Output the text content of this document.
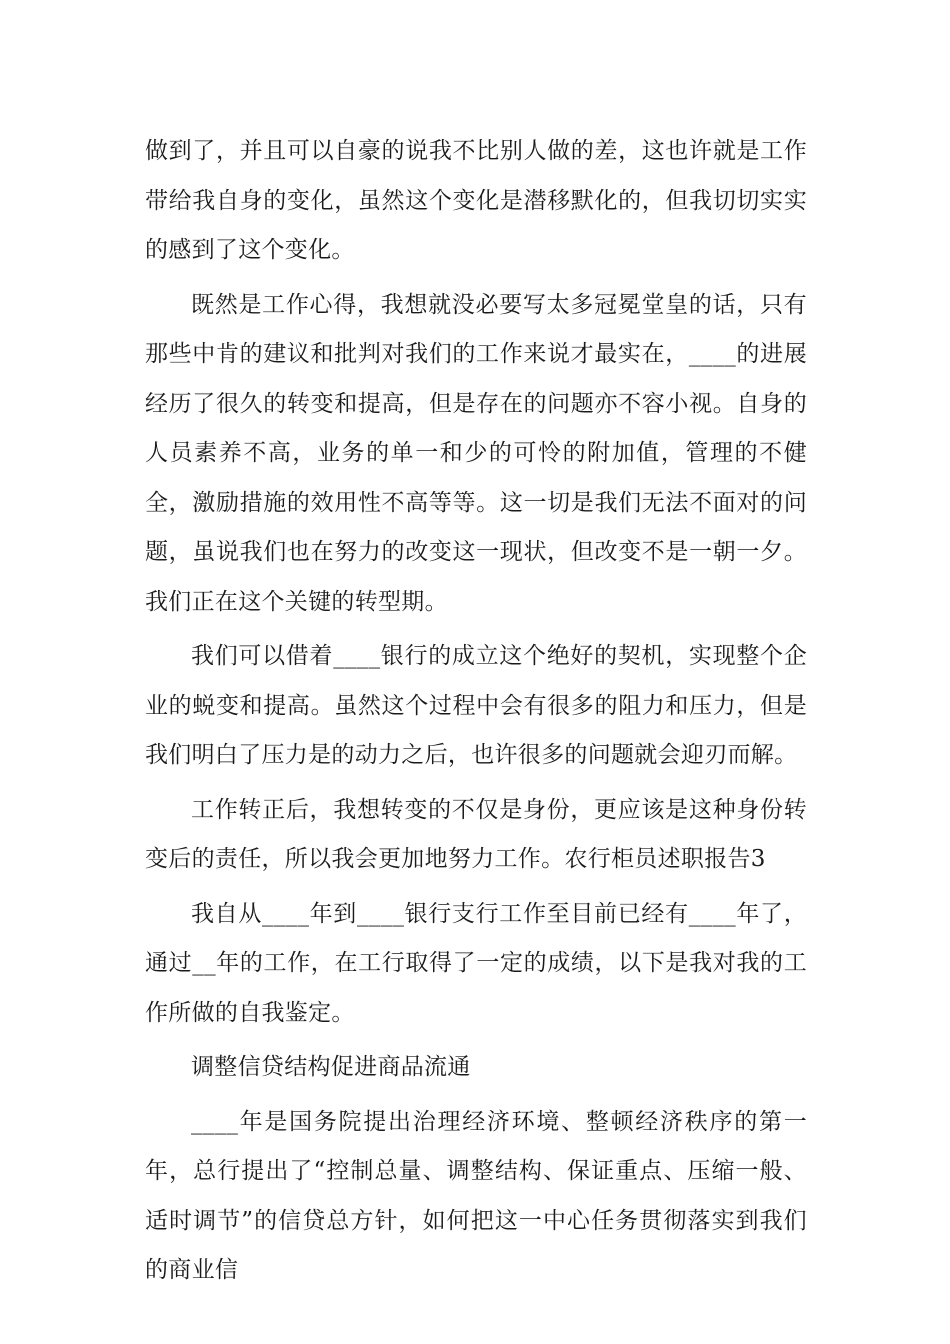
做到了，并且可以自豪的说我不比别人做的差，这也许就是工作带给我自身的变化，虽然这个变化是潜移默化的，但我切切实实的感到了这个变化。

既然是工作心得，我想就没必要写太多冠冕堂皇的话，只有那些中肯的建议和批判对我们的工作来说才最实在，____的进展经历了很久的转变和提高，但是存在的问题亦不容小视。自身的人员素养不高，业务的单一和少的可怜的附加值，管理的不健全，激励措施的效用性不高等等。这一切是我们无法不面对的问题，虽说我们也在努力的改变这一现状，但改变不是一朝一夕。我们正在这个关键的转型期。

我们可以借着____银行的成立这个绝好的契机，实现整个企业的蜕变和提高。虽然这个过程中会有很多的阻力和压力，但是我们明白了压力是的动力之后，也许很多的问题就会迎刃而解。

工作转正后，我想转变的不仅是身份，更应该是这种身份转变后的责任，所以我会更加地努力工作。农行柜员述职报告3

我自从____年到____银行支行工作至目前已经有____年了，通过__年的工作，在工行取得了一定的成绩，以下是我对我的工作所做的自我鉴定。

调整信贷结构促进商品流通

____年是国务院提出治理经济环境、整顿经济秩序的第一年，总行提出了“控制总量、调整结构、保证重点、压缩一般、适时调节”的信贷总方针，如何把这一中心任务贯彻落实到我们的商业信
